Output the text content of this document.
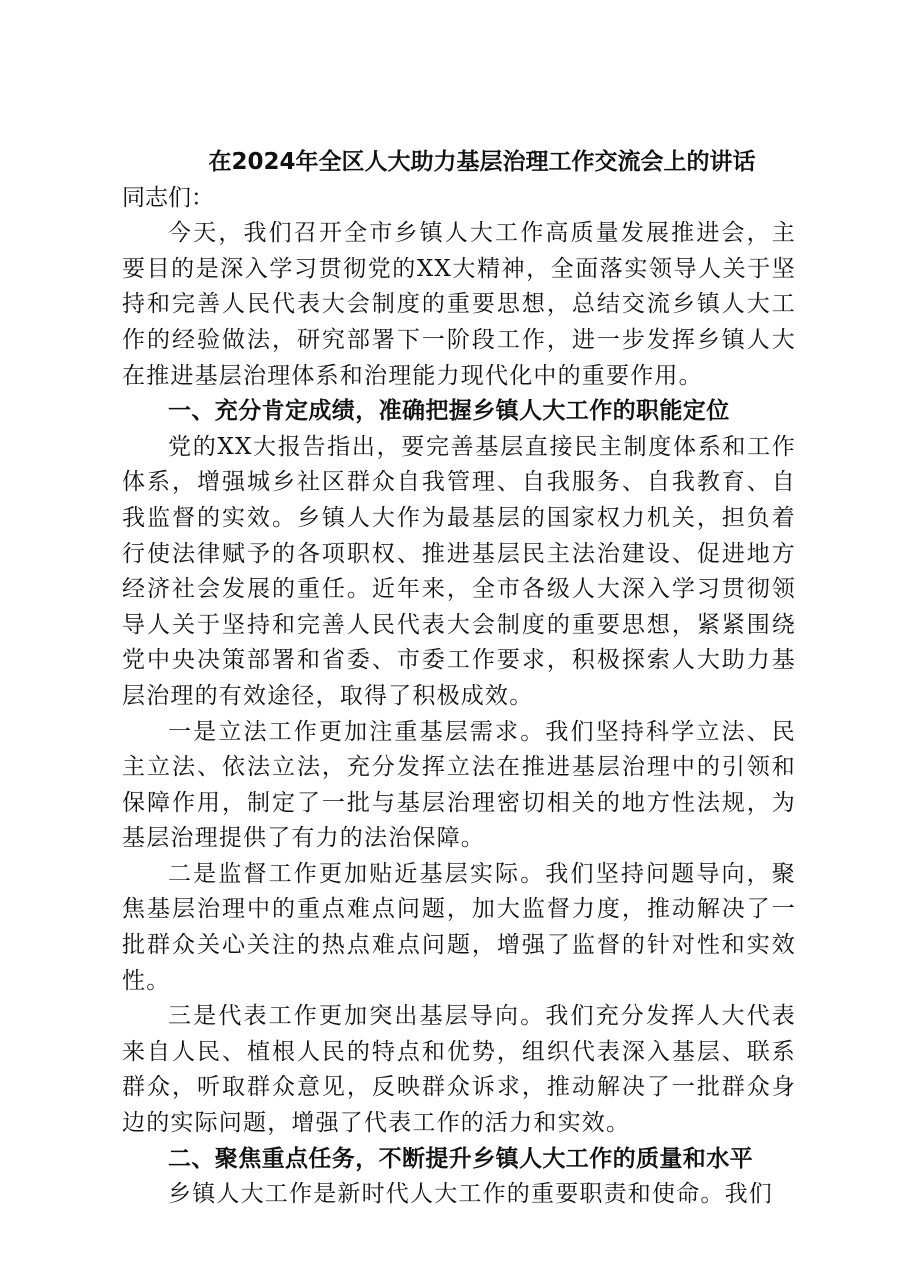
在2024年全区人大助力基层治理工作交流会上的讲话
同志们：

今天，我们召开全市乡镇人大工作高质量发展推进会，主要目的是深入学习贯彻党的XX大精神，全面落实领导人关于坚持和完善人民代表大会制度的重要思想，总结交流乡镇人大工作的经验做法，研究部署下一阶段工作，进一步发挥乡镇人大在推进基层治理体系和治理能力现代化中的重要作用。

一、充分肯定成绩，准确把握乡镇人大工作的职能定位

党的XX大报告指出，要完善基层直接民主制度体系和工作体系，增强城乡社区群众自我管理、自我服务、自我教育、自我监督的实效。乡镇人大作为最基层的国家权力机关，担负着行使法律赋予的各项职权、推进基层民主法治建设、促进地方经济社会发展的重任。近年来，全市各级人大深入学习贯彻领导人关于坚持和完善人民代表大会制度的重要思想，紧紧围绕党中央决策部署和省委、市委工作要求，积极探索人大助力基层治理的有效途径，取得了积极成效。

一是立法工作更加注重基层需求。我们坚持科学立法、民主立法、依法立法，充分发挥立法在推进基层治理中的引领和保障作用，制定了一批与基层治理密切相关的地方性法规，为基层治理提供了有力的法治保障。

二是监督工作更加贴近基层实际。我们坚持问题导向，聚焦基层治理中的重点难点问题，加大监督力度，推动解决了一批群众关心关注的热点难点问题，增强了监督的针对性和实效性。

三是代表工作更加突出基层导向。我们充分发挥人大代表来自人民、植根人民的特点和优势，组织代表深入基层、联系群众，听取群众意见，反映群众诉求，推动解决了一批群众身边的实际问题，增强了代表工作的活力和实效。

二、聚焦重点任务，不断提升乡镇人大工作的质量和水平

乡镇人大工作是新时代人大工作的重要职责和使命。我们
